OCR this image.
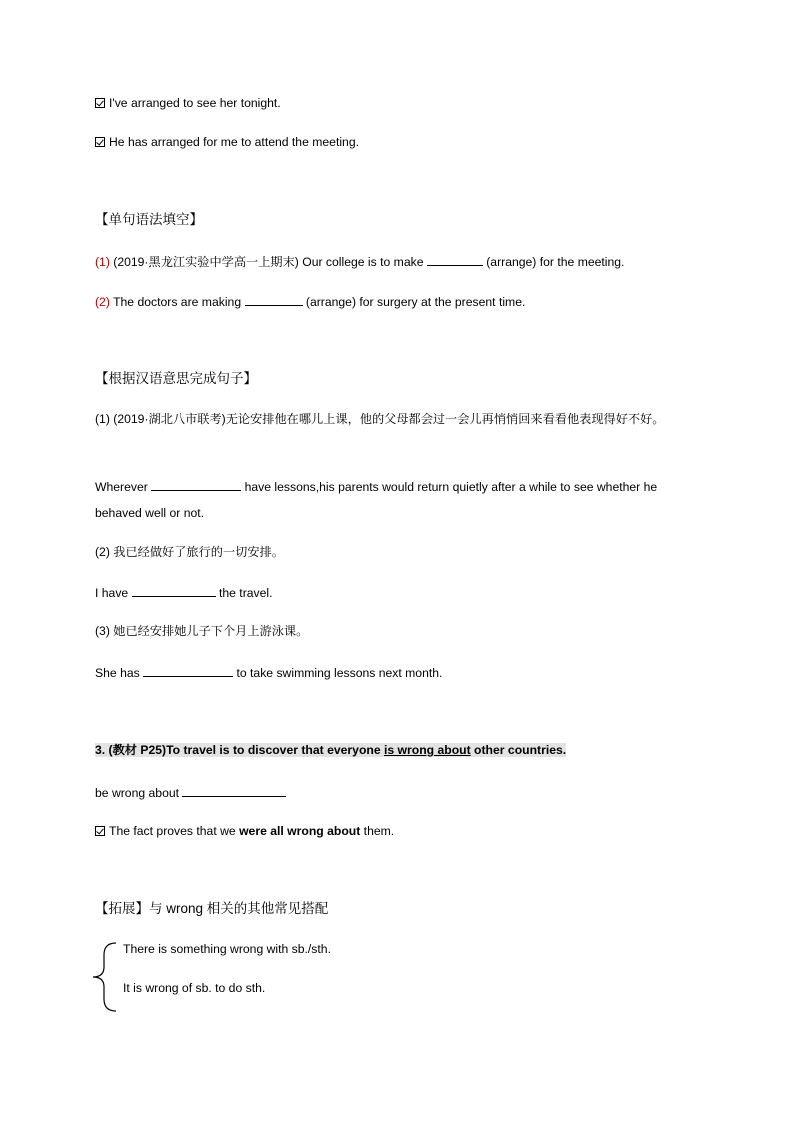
I've arranged to see her tonight.
He has arranged for me to attend the meeting.
【单句语法填空】
(1) (2019·黑龙江实验中学高一上期末) Our college is to make	(arrange) for the meeting.
(2) The doctors are making	(arrange) for surgery at the present time.
【根据汉语意思完成句子】
(1) (2019·湖北八市联考)无论安排他在哪儿上课，他的父母都会过一会儿再悄悄回来看看他表现得好不好。
Wherever	have lessons,his parents would return quietly after a while to see whether he behaved well or not.
(2) 我已经做好了旅行的一切安排。
I have	the travel.
(3) 她已经安排她儿子下个月上游泳课。
She has	to take swimming lessons next month.
3. (教材 P25)To travel is to discover that everyone is wrong about other countries.
be wrong about
The fact proves that we were all wrong about them.
【拓展】与 wrong 相关的其他常见搭配
There is something wrong with sb./sth.
It is wrong of sb. to do sth.
